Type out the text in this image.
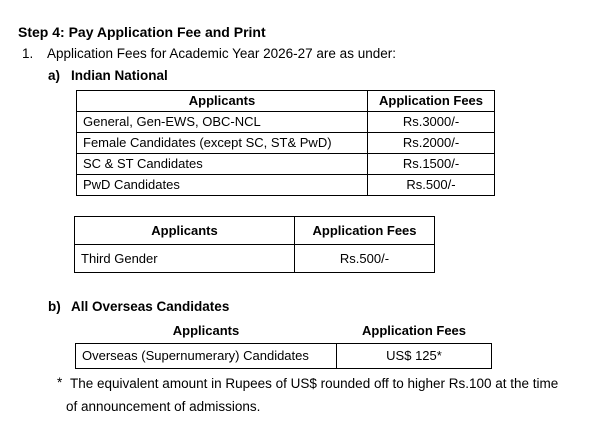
Step 4: Pay Application Fee and Print
1. Application Fees for Academic Year 2026-27 are as under:
a) Indian National
Applicants	Application Fees
General, Gen-EWS, OBC-NCL	Rs.3000/-
Female Candidates (except SC, ST& PwD)	Rs.2000/-
SC & ST Candidates	Rs.1500/-
PwD Candidates	Rs.500/-
Applicants	Application Fees
Third Gender	Rs.500/-
b) All Overseas Candidates
Applicants	Application Fees
Overseas (Supernumerary) Candidates	US$ 125*
* The equivalent amount in Rupees of US$ rounded off to higher Rs.100 at the time
of announcement of admissions.
